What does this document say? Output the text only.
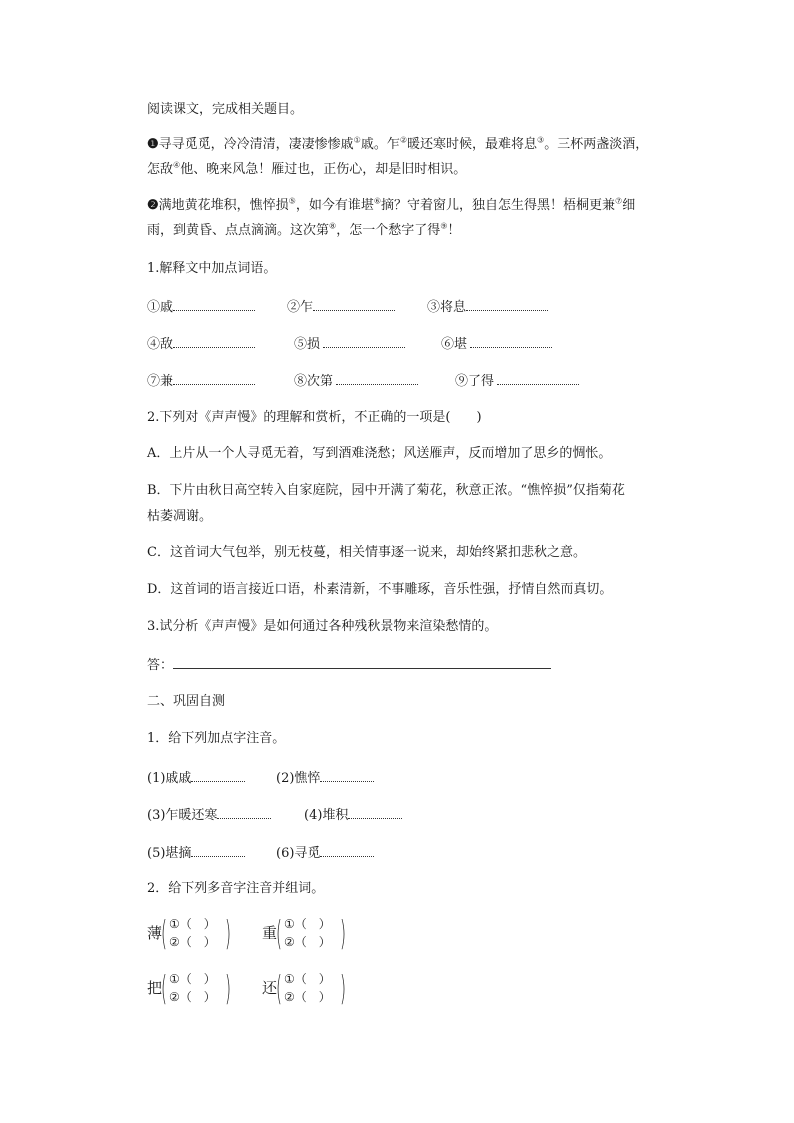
阅读课文，完成相关题目。
❶寻寻觅觅，冷冷清清，凄凄惨惨戚①戚。乍②暖还寒时候，最难将息③。三杯两盏淡酒，
怎敌④他、晚来风急！雁过也，正伤心，却是旧时相识。
❷满地黄花堆积，憔悴损⑤，如今有谁堪⑥摘？守着窗儿，独自怎生得黑！梧桐更兼⑦细
雨，到黄昏、点点滴滴。这次第⑧，怎一个愁字了得⑨！
1.解释文中加点词语。
①戚	②乍	③将息
④敌	⑤损	⑥堪
⑦兼	⑧次第	⑨了得
2.下列对《声声慢》的理解和赏析，不正确的一项是(　　)
A．上片从一个人寻觅无着，写到酒难浇愁；风送雁声，反而增加了思乡的惆怅。
B．下片由秋日高空转入自家庭院，园中开满了菊花，秋意正浓。“憔悴损”仅指菊花
枯萎凋谢。
C．这首词大气包举，别无枝蔓，相关情事逐一说来，却始终紧扣悲秋之意。
D．这首词的语言接近口语，朴素清新，不事雕琢，音乐性强，抒情自然而真切。
3.试分析《声声慢》是如何通过各种残秋景物来渲染愁情的。
答：
二、巩固自测
1．给下列加点字注音。
(1)戚戚	(2)憔悴
(3)乍暖还寒	(4)堆积
(5)堪摘	(6)寻觅
2．给下列多音字注音并组词。
薄
( ①（　）
②（　） ) 重
( ①（　）
②（　） )
把
( ①（　）
②（　） ) 还
( ①（　）
②（　） )
